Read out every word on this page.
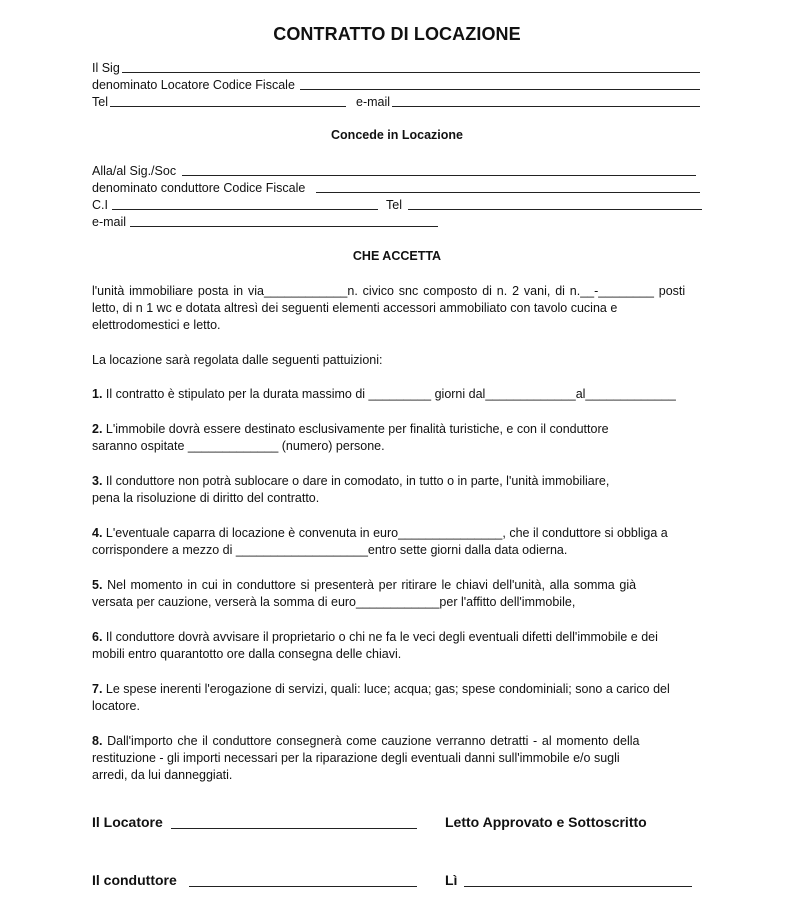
CONTRATTO DI LOCAZIONE
Il Sig
denominato Locatore Codice Fiscale
Tel	e-mail
Concede in Locazione
Alla/al Sig./Soc
denominato conduttore Codice Fiscale
C.I	Tel
e-mail
CHE ACCETTA
l'unità immobiliare posta in via____________n. civico snc composto di n. 2 vani, di n.__-________ posti
letto, di n 1 wc e dotata altresì dei seguenti elementi accessori ammobiliato con tavolo cucina e
elettrodomestici e letto.
La locazione sarà regolata dalle seguenti pattuizioni:
1. Il contratto è stipulato per la durata massimo di _________ giorni dal_____________al_____________
2. L'immobile dovrà essere destinato esclusivamente per finalità turistiche, e con il conduttore
saranno ospitate _____________ (numero) persone.
3. Il conduttore non potrà sublocare o dare in comodato, in tutto o in parte, l'unità immobiliare,
pena la risoluzione di diritto del contratto.
4. L'eventuale caparra di locazione è convenuta in euro_______________, che il conduttore si obbliga a
corrispondere a mezzo di ___________________entro sette giorni dalla data odierna.
5. Nel momento in cui in conduttore si presenterà per ritirare le chiavi dell'unità, alla somma già
versata per cauzione, verserà la somma di euro____________per l'affitto dell'immobile,
6. Il conduttore dovrà avvisare il proprietario o chi ne fa le veci degli eventuali difetti dell'immobile e dei
mobili entro quarantotto ore dalla consegna delle chiavi.
7. Le spese inerenti l'erogazione di servizi, quali: luce; acqua; gas; spese condominiali; sono a carico del
locatore.
8. Dall'importo che il conduttore consegnerà come cauzione verranno detratti - al momento della
restituzione - gli importi necessari per la riparazione degli eventuali danni sull'immobile e/o sugli
arredi, da lui danneggiati.
Il Locatore	Letto Approvato e Sottoscritto
Il conduttore	Lì
